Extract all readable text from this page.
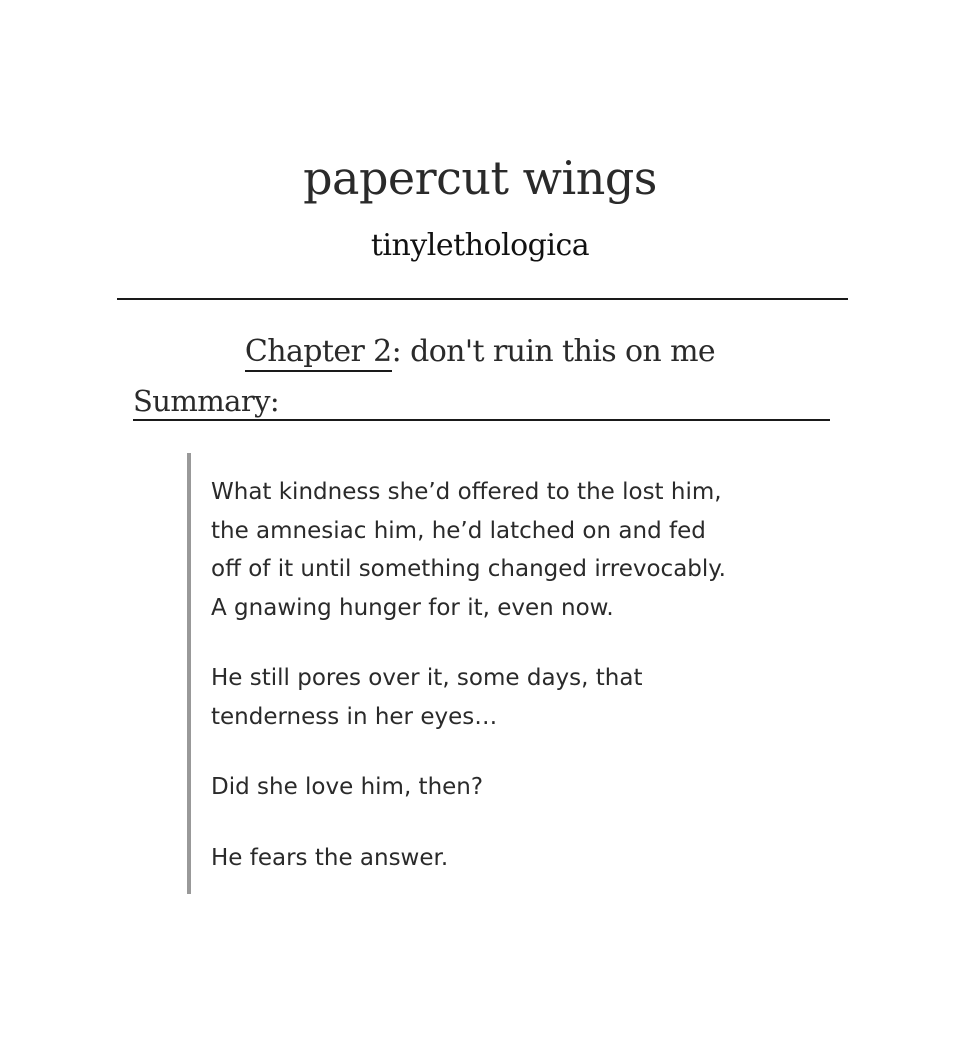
papercut wings
tinylethologica
Chapter 2: don't ruin this on me
Summary:

What kindness she’d offered to the lost him,
the amnesiac him, he’d latched on and fed
off of it until something changed irrevocably.
A gnawing hunger for it, even now.

He still pores over it, some days, that
tenderness in her eyes…

Did she love him, then?

He fears the answer.
